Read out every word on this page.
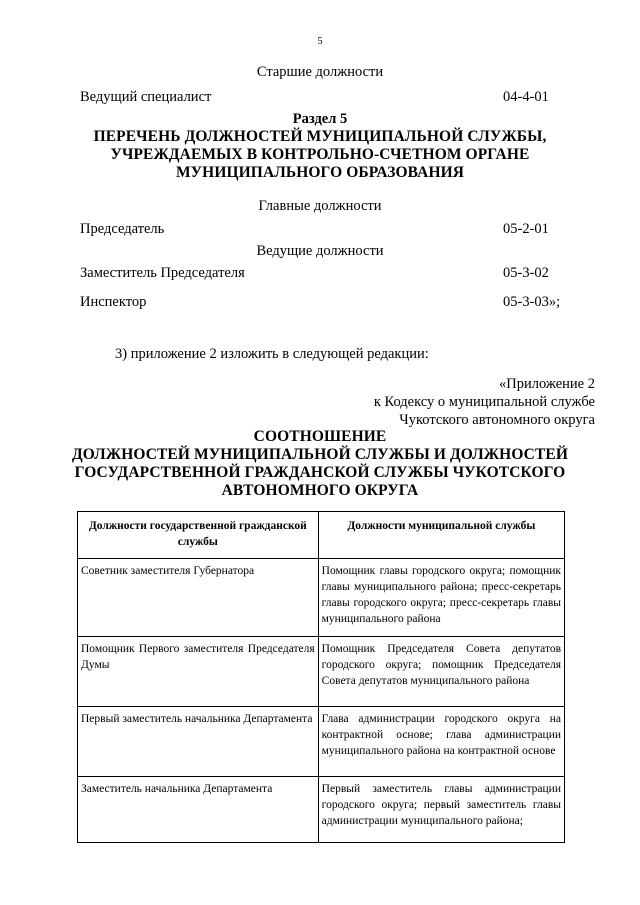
5
Старшие должности
Ведущий специалист	04-4-01
Раздел 5
ПЕРЕЧЕНЬ ДОЛЖНОСТЕЙ МУНИЦИПАЛЬНОЙ СЛУЖБЫ,
УЧРЕЖДАЕМЫХ В КОНТРОЛЬНО-СЧЕТНОМ ОРГАНЕ
МУНИЦИПАЛЬНОГО ОБРАЗОВАНИЯ
Главные должности
Председатель	05-2-01
Ведущие должности
Заместитель Председателя	05-3-02
Инспектор	05-3-03»;
3) приложение 2 изложить в следующей редакции:
«Приложение 2
к Кодексу о муниципальной службе
Чукотского автономного округа
СООТНОШЕНИЕ
ДОЛЖНОСТЕЙ МУНИЦИПАЛЬНОЙ СЛУЖБЫ И ДОЛЖНОСТЕЙ
ГОСУДАРСТВЕННОЙ ГРАЖДАНСКОЙ СЛУЖБЫ ЧУКОТСКОГО
АВТОНОМНОГО ОКРУГА
Должности государственной гражданской службы	Должности муниципальной службы
Советник заместителя Губернатора	Помощник главы городского округа; помощник главы муниципального района; пресс-секретарь главы городского округа; пресс-секретарь главы муниципального района
Помощник Первого заместителя Председателя Думы	Помощник Председателя Совета депутатов городского округа; помощник Председателя Совета депутатов муниципального района
Первый заместитель начальника Департамента	Глава администрации городского округа на контрактной основе; глава администрации муниципального района на контрактной основе
Заместитель начальника Департамента	Первый заместитель главы администрации городского округа; первый заместитель главы администрации муниципального района;
